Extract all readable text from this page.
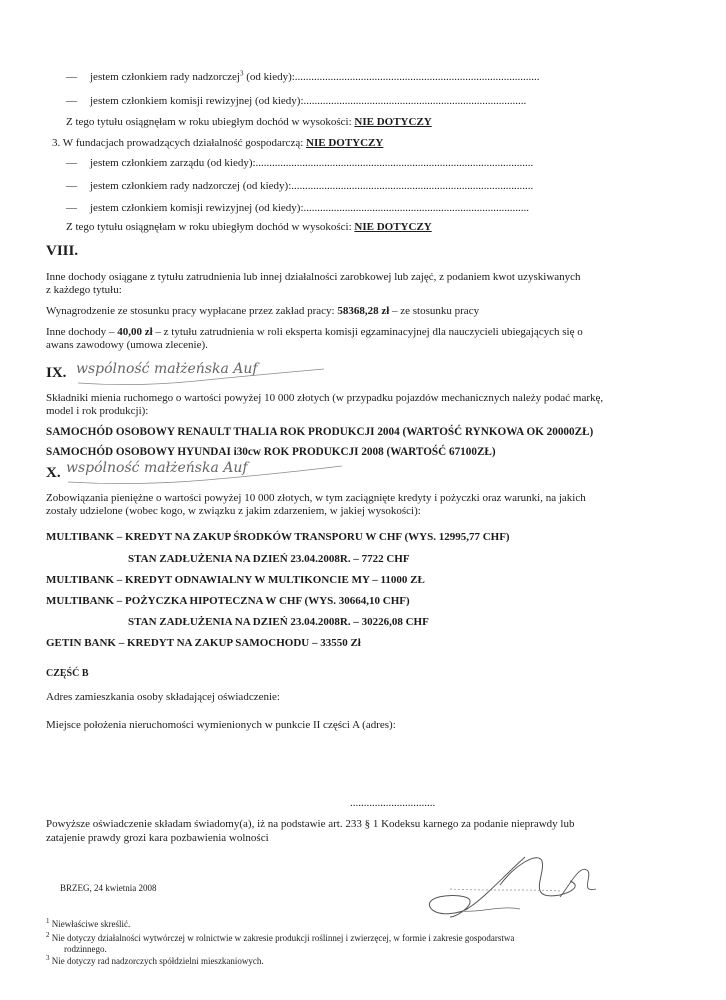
— jestem członkiem rady nadzorczej$^3$ (od kiedy):.........................................................................................
— jestem członkiem komisji rewizyjnej (od kiedy):.................................................................................
Z tego tytułu osiągnęłam w roku ubiegłym dochód w wysokości: NIE DOTYCZY
3. W fundacjach prowadzących działalność gospodarczą: NIE DOTYCZY
— jestem członkiem zarządu (od kiedy):.....................................................................................................
— jestem członkiem rady nadzorczej (od kiedy):........................................................................................
— jestem członkiem komisji rewizyjnej (od kiedy):..................................................................................
Z tego tytułu osiągnęłam w roku ubiegłym dochód w wysokości: NIE DOTYCZY
VIII.
Inne dochody osiągane z tytułu zatrudnienia lub innej działalności zarobkowej lub zajęć, z podaniem kwot uzyskiwanych
z każdego tytułu:
Wynagrodzenie ze stosunku pracy wypłacane przez zakład pracy: 58368,28 zł – ze stosunku pracy
Inne dochody – 40,00 zł – z tytułu zatrudnienia w roli eksperta komisji egzaminacyjnej dla nauczycieli ubiegających się o
awans zawodowy (umowa zlecenie).
IX. wspólność małżeńska Auf
Składniki mienia ruchomego o wartości powyżej 10 000 złotych (w przypadku pojazdów mechanicznych należy podać markę,
model i rok produkcji):
SAMOCHÓD OSOBOWY RENAULT THALIA ROK PRODUKCJI 2004 (WARTOŚĆ RYNKOWA OK 20000ZŁ)
SAMOCHÓD OSOBOWY HYUNDAI i30cw ROK PRODUKCJI 2008 (WARTOŚĆ 67100ZŁ)
X. wspólność małżeńska Auf
Zobowiązania pieniężne o wartości powyżej 10 000 złotych, w tym zaciągnięte kredyty i pożyczki oraz warunki, na jakich
zostały udzielone (wobec kogo, w związku z jakim zdarzeniem, w jakiej wysokości):
MULTIBANK – KREDYT NA ZAKUP ŚRODKÓW TRANSPORU W CHF (WYS. 12995,77 CHF)
STAN ZADŁUŻENIA NA DZIEŃ 23.04.2008R. – 7722 CHF
MULTIBANK – KREDYT ODNAWIALNY W MULTIKONCIE MY – 11000 ZŁ
MULTIBANK – POŻYCZKA HIPOTECZNA W CHF (WYS. 30664,10 CHF)
STAN ZADŁUŻENIA NA DZIEŃ 23.04.2008R. – 30226,08 CHF
GETIN BANK – KREDYT NA ZAKUP SAMOCHODU – 33550 Zł
CZĘŚĆ B
Adres zamieszkania osoby składającej oświadczenie:
Miejsce położenia nieruchomości wymienionych w punkcie II części A (adres):
...............................
Powyższe oświadczenie składam świadomy(a), iż na podstawie art. 233 § 1 Kodeksu karnego za podanie nieprawdy lub
zatajenie prawdy grozi kara pozbawienia wolności
BRZEG, 24 kwietnia 2008
$^1$ Niewłaściwe skreślić.
$^2$ Nie dotyczy działalności wytwórczej w rolnictwie w zakresie produkcji roślinnej i zwierzęcej, w formie i zakresie gospodarstwa
rodzinnego.
$^3$ Nie dotyczy rad nadzorczych spółdzielni mieszkaniowych.
